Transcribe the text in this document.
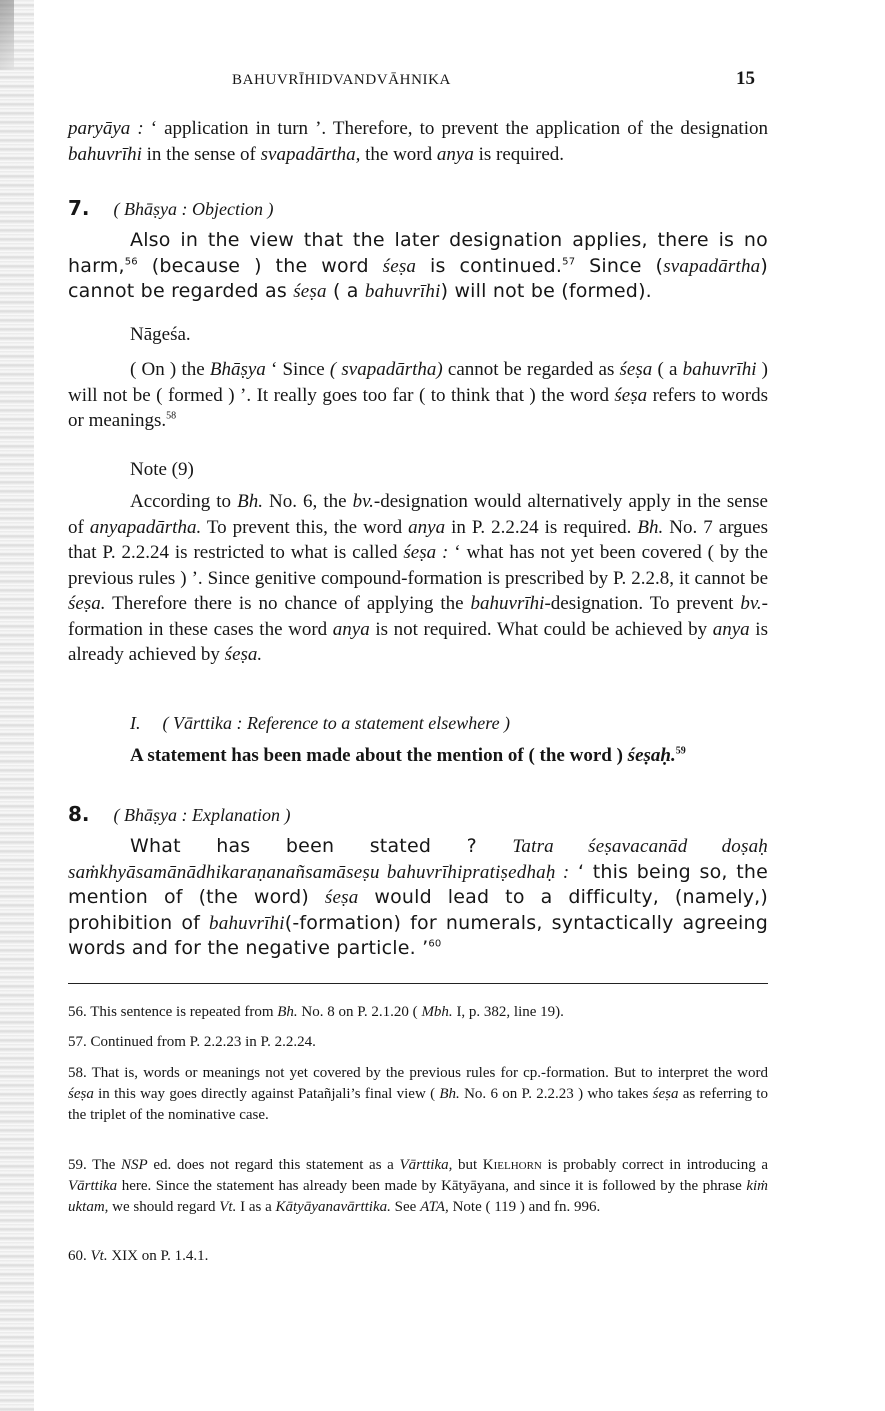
BAHUVRĪHIDVANDVĀHNIKA	15

paryāya : ‘ application in turn ’. Therefore, to prevent the application of the designation bahuvrīhi in the sense of svapadārtha, the word anya is required.

7. ( Bhāṣya : Objection )

Also in the view that the later designation applies, there is no harm,$^{56}$ (because ) the word śeṣa is continued.$^{57}$ Since (svapadārtha) cannot be regarded as śeṣa ( a bahuvrīhi) will not be (formed).

Nāgeśa.

( On ) the Bhāṣya ‘ Since ( svapadārtha) cannot be regarded as śeṣa ( a bahuvrīhi ) will not be ( formed ) ’. It really goes too far ( to think that ) the word śeṣa refers to words or meanings.$^{58}$

Note (9)

According to Bh. No. 6, the bv.-designation would alternatively apply in the sense of anyapadārtha. To prevent this, the word anya in P. 2.2.24 is required. Bh. No. 7 argues that P. 2.2.24 is restricted to what is called śeṣa : ‘ what has not yet been covered ( by the previous rules ) ’. Since genitive compound-formation is prescribed by P. 2.2.8, it cannot be śeṣa. Therefore there is no chance of applying the bahuvrīhi-designation. To prevent bv.-formation in these cases the word anya is not required. What could be achieved by anya is already achieved by śeṣa.

I. ( Vārttika : Reference to a statement elsewhere )

A statement has been made about the mention of ( the word ) śeṣaḥ.$^{59}$

8. ( Bhāṣya : Explanation )

What has been stated ? Tatra śeṣavacanād doṣaḥ saṁkhyāsamānādhikaraṇanañsamāseṣu bahuvrīhipratiṣedhaḥ : ‘ this being so, the mention of (the word) śeṣa would lead to a difficulty, (namely,) prohibition of bahuvrīhi(-formation) for numerals, syntactically agreeing words and for the negative particle. ’$^{60}$

56. This sentence is repeated from Bh. No. 8 on P. 2.1.20 ( Mbh. I, p. 382, line 19).

57. Continued from P. 2.2.23 in P. 2.2.24.

58. That is, words or meanings not yet covered by the previous rules for cp.-formation. But to interpret the word śeṣa in this way goes directly against Patañjali’s final view ( Bh. No. 6 on P. 2.2.23 ) who takes śeṣa as referring to the triplet of the nominative case.

59. The NSP ed. does not regard this statement as a Vārttika, but Kielhorn is probably correct in introducing a Vārttika here. Since the statement has already been made by Kātyāyana, and since it is followed by the phrase kiṁ uktam, we should regard Vt. I as a Kātyāyanavārttika. See ATA, Note ( 119 ) and fn. 996.

60. Vt. XIX on P. 1.4.1.
